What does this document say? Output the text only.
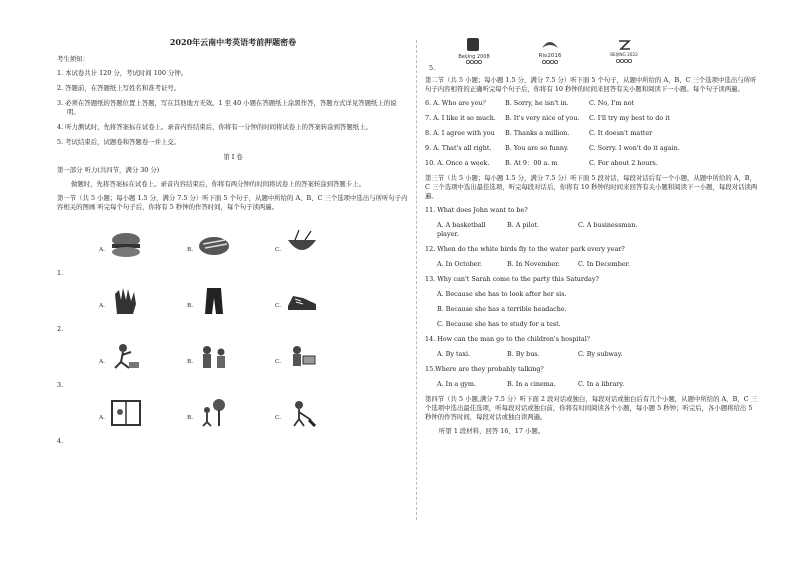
2020年云南中考英语考前押题密卷
考生须知：
1. 本试卷共计 120 分，考试时间 100 分钟。
2. 答题前，在答题纸上写姓名和准考证号。
3. 必须在答题纸的答题位置上答题，写在其他地方无效。1 至 40 小题在答题纸上涂黑作答，答题方式详见答题纸上的说明。
4. 听力测试时，先将答案标在试卷上。录音内容结束后，你将有一分钟的时间将试卷上的答案转涂到答题纸上。
5. 考试结束后，试题卷和答题卷一并上交。
第 I 卷
第一部分 听力(共四节，满分 30 分)
做题时，先将答案标在试卷上。录音内容结束后，你将有两分钟的时间将试卷上的答案转涂到答题卡上。
第一节（共 5 小题；每小题 1.5 分，满分 7.5 分）听下面 5 个句子，从题中所给的 A、B、C 三个选项中选出与所听句子内容相关的图画 听完每个句子后，你将有 5 秒钟的作答时间，每个句子读两遍。
1.
A.	B.	C.
2.
A.	B.	C.
3.
A.	B.	C.
4.
A.	B.	C.
Beijing 2008	Rio2016	BEIJING 2022
5.
第二节（共 5 小题；每小题 1.5 分，满分 7.5 分）听下面 5 个句子，从题中所给的 A、B、C 三个选项中选出与所听句子内容相符的正确听完每个句子后，你将有 10 秒钟的时间来回答有关小题和阅读下一小题。每个句子读两遍。
6. A. Who are you？	B. Sorry, he isn't in.	C. No, I'm not
7. A. I like it so much.	B. It's very nice of you.	C. I'll try my best to do it
8. A. I agree with you	B. Thanks a million.	C. It doesn't matter
9. A. That's all right.	B. You are so funny.	C. Sorry. I won't do it again.
10. A. Once a week.	B. At 9：00 a. m	C. For about 2 hours.
第三节（共 5 小题；每小题 1.5 分，满分 7.5 分）听下面 5 段对话，每段对话后有一个小题，从题中所给的 A，B，C 三个选项中选出最佳选项，听完每段对话后，你将有 10 秒钟的时间来回答有关小题和阅读下一小题，每段对话读两遍。
11. What does John want to be?
A. A basketball player.
B. A pilot.	C. A businessman.
12. When do the white birds fly to the water park every year?
A. In October.	B. In November.	C. In December.
13. Why can't Sarah come to the party this Saturday?
A. Because she has to look after her sis.
B. Because she has a terrible headache.
C. Because she has to study for a test.
14. How can the man go to the children's hospital？
A. By taxi.	B. By bus.	C. By subway.
15.Where are they probably talking？
A. In a gym.	B. In a cinema.	C. In a library.
第四节（共 5 小题,满分 7.5 分）听下面 2 段对话或独白，每段对话或独白后有几个小题，从题中所给的 A，B，C 三个选项中选出最佳选项，听每段对话或独白前，你将有时间阅读各个小题，每小题 5 秒钟；听完后，各小题将给出 5 秒钟的作答时间，每段对话或独白读两遍。
听第 1 段材料，回答 16、17 小题。
